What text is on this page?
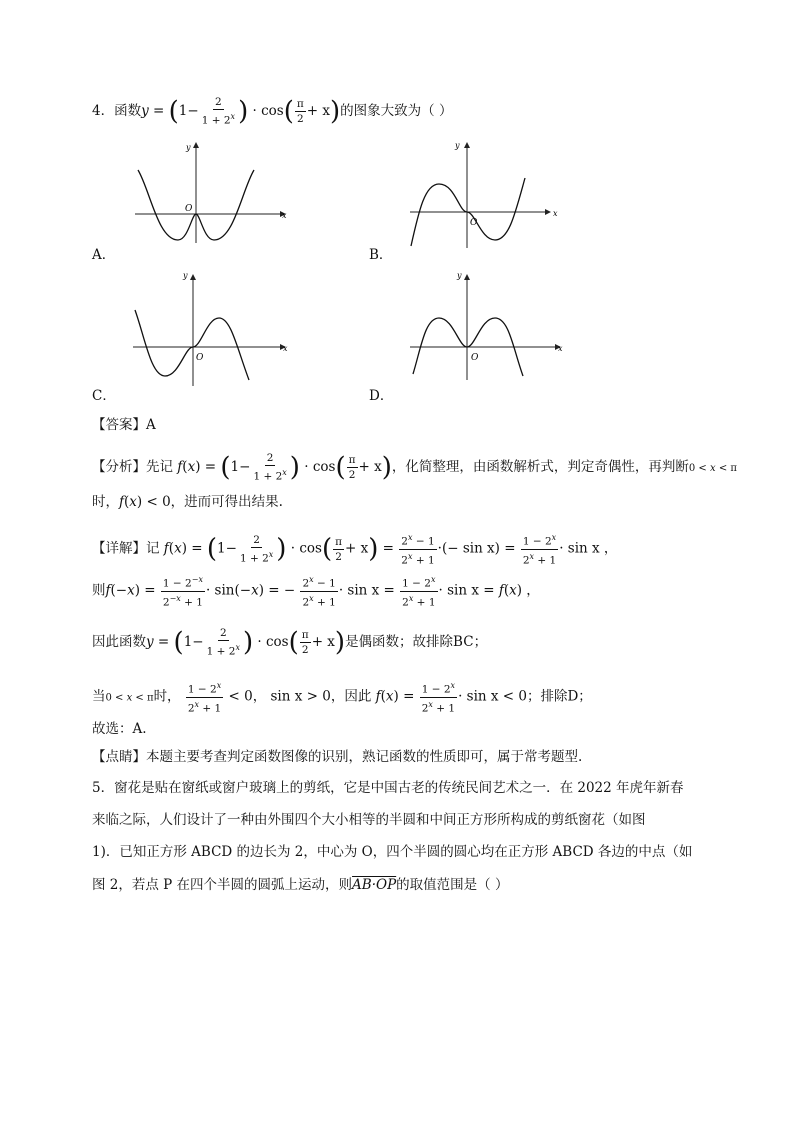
4．函数$y = (1- \frac{2}{1 + 2^x}$ ) · $\cos( \frac{\pi}{2} + x)$的图象大致为（ ）
x
y
O
A．
x
y
O
B．
x
y
O
C．
x
y
O
D．
【答案】A
【分析】先记 $f(x) = (1- \frac{2}{1 + 2^x}$ ) · $\cos( \frac{\pi}{2} + x)$，化简整理，由函数解析式，判定奇偶性，再判断0 < x < π
时，f(x) < 0，进而可得出结果.
【详解】记 $f(x) = (1- \frac{2}{1 + 2^x}$ ) · $\cos( \frac{\pi}{2} + x) = \frac{2^x - 1}{2^x + 1}$ ·(− $\sin x) = \frac{1 - 2^x}{2^x + 1} \cdot \sin x$ ，
则$f(-x) = \frac{1 - 2^{-x}}{2^{-x} + 1} \cdot \sin(-x)$ = − $\frac{2^x - 1}{2^x + 1} \cdot \sin x = \frac{1 - 2^x}{2^x + 1} \cdot \sin x = f(x)$ ，
因此函数$y = (1- \frac{2}{1 + 2^x}$ ) · $\cos( \frac{\pi}{2} + x)$是偶函数；故排除BC；
当0 < x < π时， $\frac{1 - 2^x}{2^x + 1} < 0$， sin x > 0，因此 $f(x) = \frac{1 - 2^x}{2^x + 1} \cdot \sin x < 0$；排除D；
故选：A.
【点睛】本题主要考查判定函数图像的识别，熟记函数的性质即可，属于常考题型.
5．窗花是贴在窗纸或窗户玻璃上的剪纸，它是中国古老的传统民间艺术之一．在 2022 年虎年新春
来临之际，人们设计了一种由外围四个大小相等的半圆和中间正方形所构成的剪纸窗花（如图
1)．已知正方形 ABCD 的边长为 2，中心为 O，四个半圆的圆心均在正方形 ABCD 各边的中点（如
图 2，若点 P 在四个半圆的圆弧上运动，则AB·OP的取值范围是（ ）
